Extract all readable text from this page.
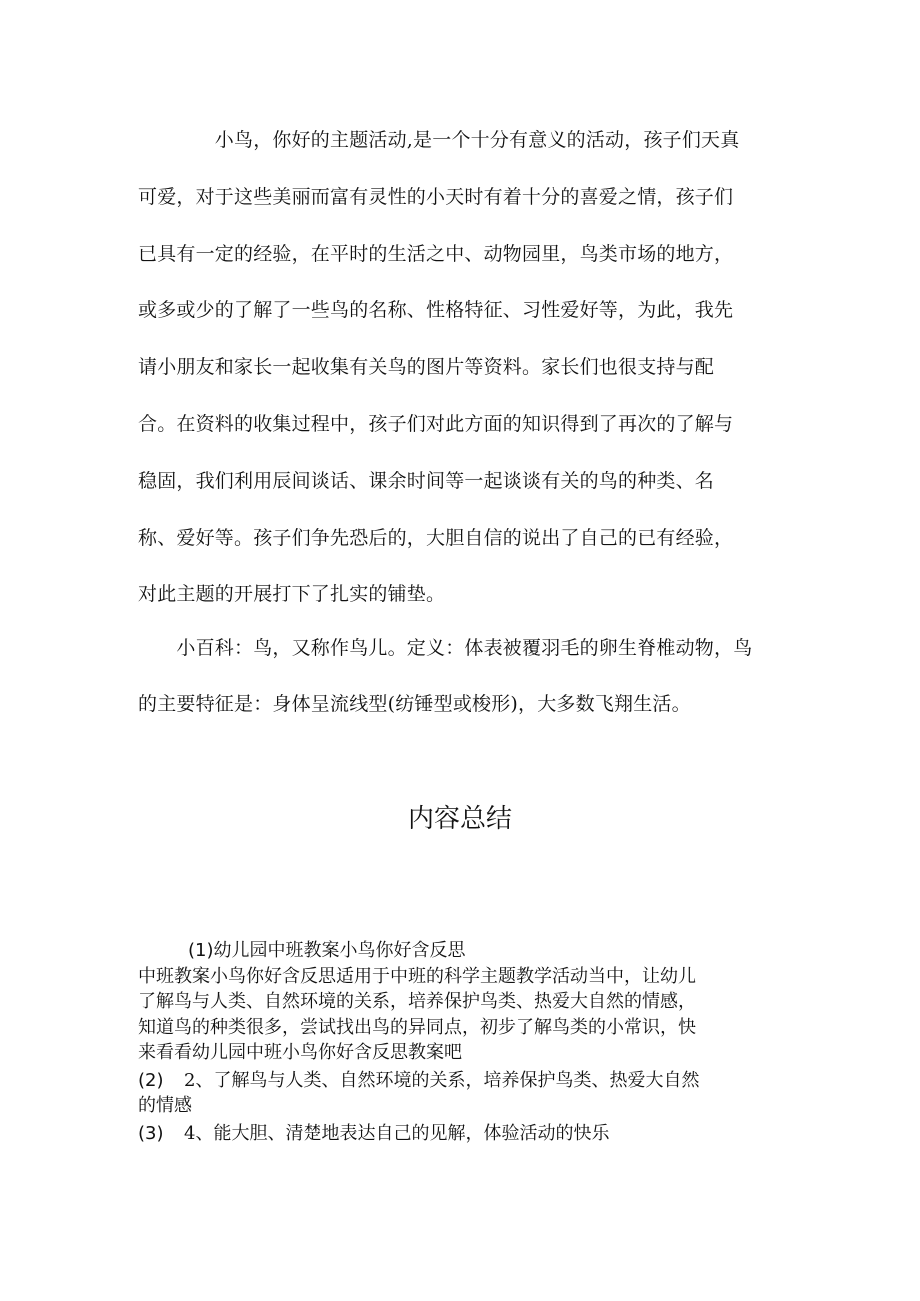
　　　　小鸟，你好的主题活动,是一个十分有意义的活动，孩子们天真
可爱，对于这些美丽而富有灵性的小天时有着十分的喜爱之情，孩子们
已具有一定的经验，在平时的生活之中、动物园里，鸟类市场的地方，
或多或少的了解了一些鸟的名称、性格特征、习性爱好等，为此，我先
请小朋友和家长一起收集有关鸟的图片等资料。家长们也很支持与配
合。在资料的收集过程中，孩子们对此方面的知识得到了再次的了解与
稳固，我们利用辰间谈话、课余时间等一起谈谈有关的鸟的种类、名
称、爱好等。孩子们争先恐后的，大胆自信的说出了自己的已有经验，
对此主题的开展打下了扎实的铺垫。
　　小百科：鸟，又称作鸟儿。定义：体表被覆羽毛的卵生脊椎动物，鸟
的主要特征是：身体呈流线型(纺锤型或梭形)，大多数飞翔生活。
内容总结
(1)幼儿园中班教案小鸟你好含反思
中班教案小鸟你好含反思适用于中班的科学主题教学活动当中，让幼儿
了解鸟与人类、自然环境的关系，培养保护鸟类、热爱大自然的情感，
知道鸟的种类很多，尝试找出鸟的异同点，初步了解鸟类的小常识，快
来看看幼儿园中班小鸟你好含反思教案吧
(2) 2、了解鸟与人类、自然环境的关系，培养保护鸟类、热爱大自然
的情感
(3) 4、能大胆、清楚地表达自己的见解，体验活动的快乐
